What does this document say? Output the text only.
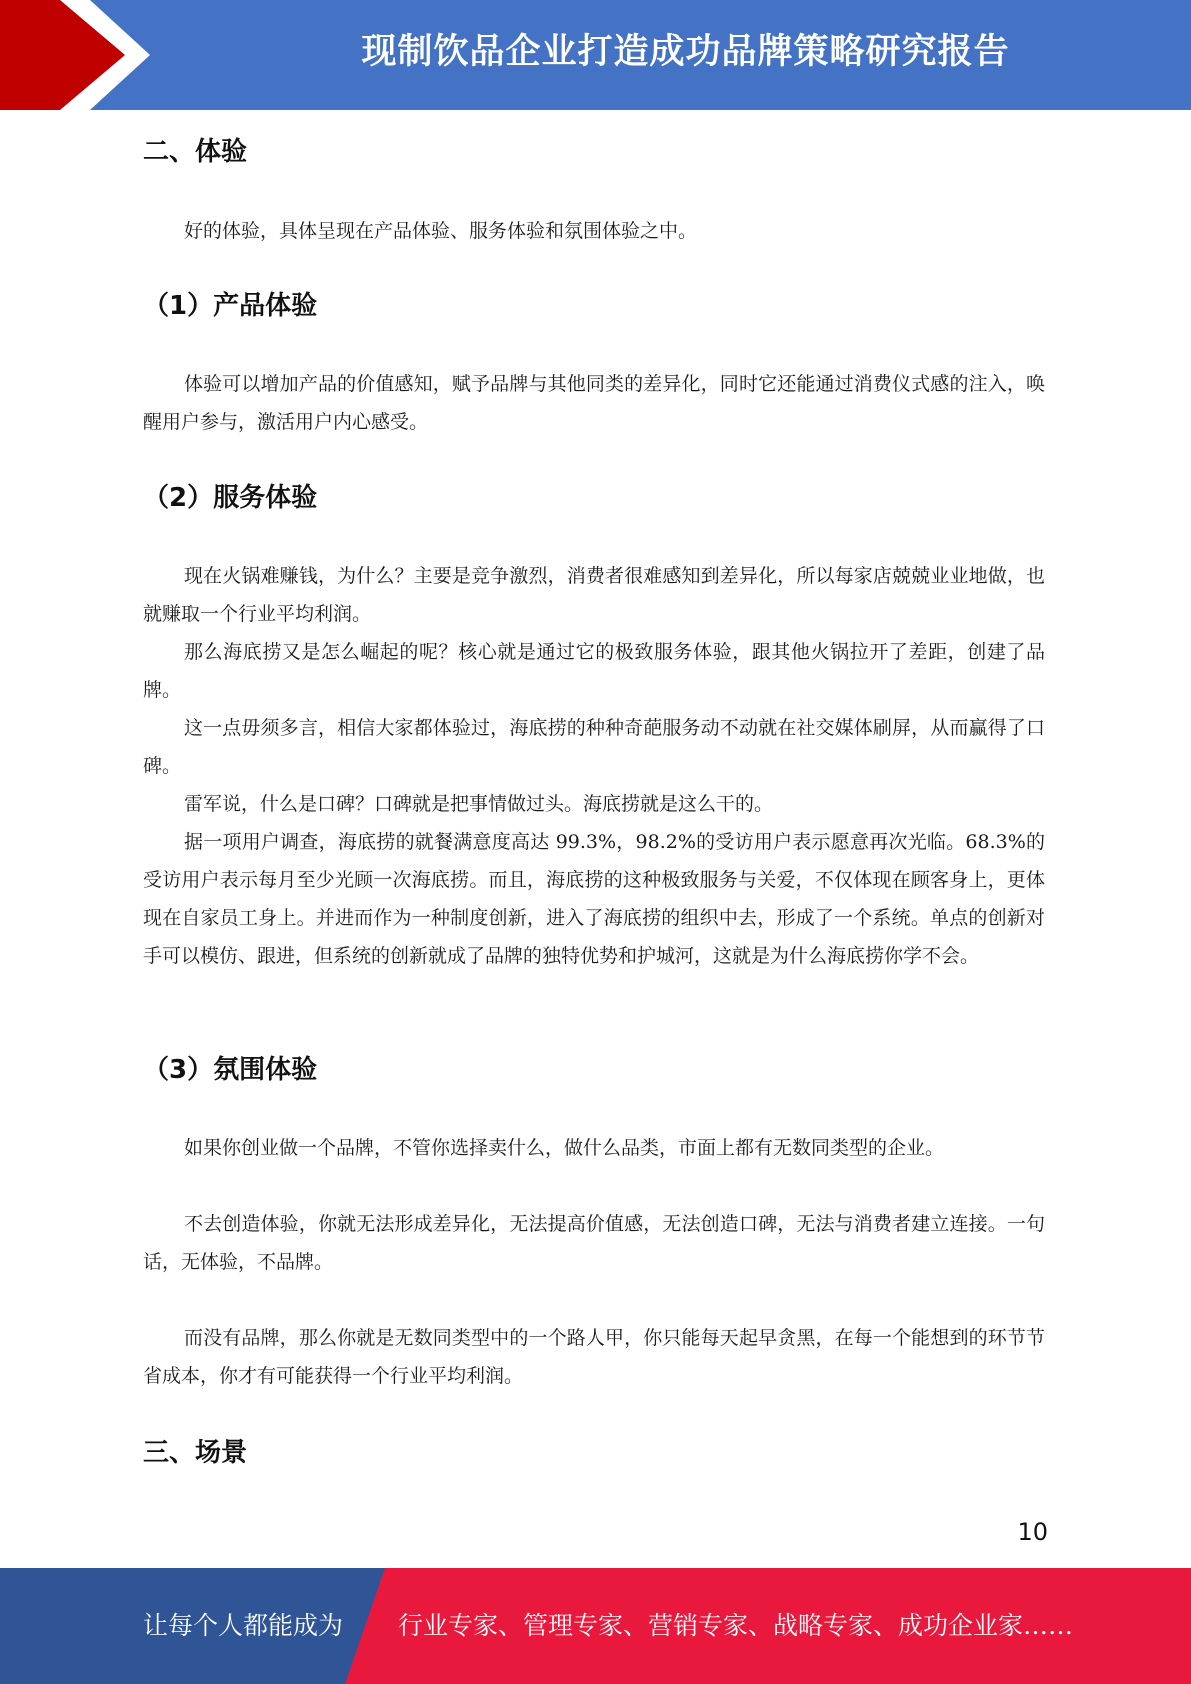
现制饮品企业打造成功品牌策略研究报告
二、体验

好的体验，具体呈现在产品体验、服务体验和氛围体验之中。

（1）产品体验

体验可以增加产品的价值感知，赋予品牌与其他同类的差异化，同时它还能通过消费仪式感的注入，唤醒用户参与，激活用户内心感受。

（2）服务体验

现在火锅难赚钱，为什么？主要是竞争激烈，消费者很难感知到差异化，所以每家店兢兢业业地做，也就赚取一个行业平均利润。

那么海底捞又是怎么崛起的呢？核心就是通过它的极致服务体验，跟其他火锅拉开了差距，创建了品牌。

这一点毋须多言，相信大家都体验过，海底捞的种种奇葩服务动不动就在社交媒体刷屏，从而赢得了口碑。

雷军说，什么是口碑？口碑就是把事情做过头。海底捞就是这么干的。

据一项用户调查，海底捞的就餐满意度高达 99.3%，98.2%的受访用户表示愿意再次光临。68.3%的受访用户表示每月至少光顾一次海底捞。而且，海底捞的这种极致服务与关爱，不仅体现在顾客身上，更体现在自家员工身上。并进而作为一种制度创新，进入了海底捞的组织中去，形成了一个系统。单点的创新对手可以模仿、跟进，但系统的创新就成了品牌的独特优势和护城河，这就是为什么海底捞你学不会。

（3）氛围体验

如果你创业做一个品牌，不管你选择卖什么，做什么品类，市面上都有无数同类型的企业。

不去创造体验，你就无法形成差异化，无法提高价值感，无法创造口碑，无法与消费者建立连接。一句话，无体验，不品牌。

而没有品牌，那么你就是无数同类型中的一个路人甲，你只能每天起早贪黑，在每一个能想到的环节节省成本，你才有可能获得一个行业平均利润。

三、场景
10
让每个人都能成为 行业专家、管理专家、营销专家、战略专家、成功企业家……
